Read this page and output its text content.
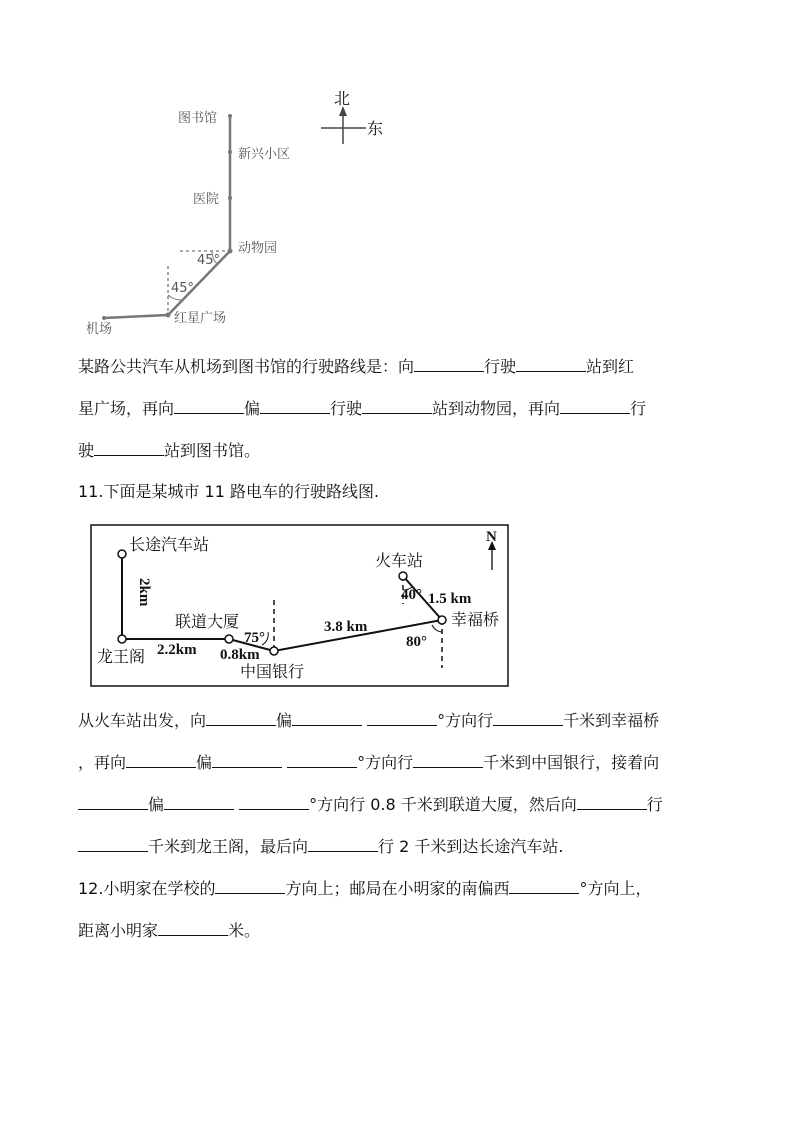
北
东
图书馆
新兴小区
医院
动物园
45°
45°
红星广场
机场
长途汽车站
火车站
N
2km
联道大厦
1.5 km
幸福桥
40°
3.8 km
75°	80°
龙王阁 2.2km 0.8km
中国银行
某路公共汽车从机场到图书馆的行驶路线是：向	行驶	站到红
星广场，再向	偏	行驶	站到动物园，再向	行
驶	站到图书馆。
11.下面是某城市 11 路电车的行驶路线图.
从火车站出发，向	偏	°方向行	千米到幸福桥
，再向	偏	°方向行	千米到中国银行，接着向
偏	°方向行 0.8 千米到联道大厦，然后向	行
千米到龙王阁，最后向	行 2 千米到达长途汽车站.
12.小明家在学校的	方向上；邮局在小明家的南偏西	°方向上，
距离小明家	米。
